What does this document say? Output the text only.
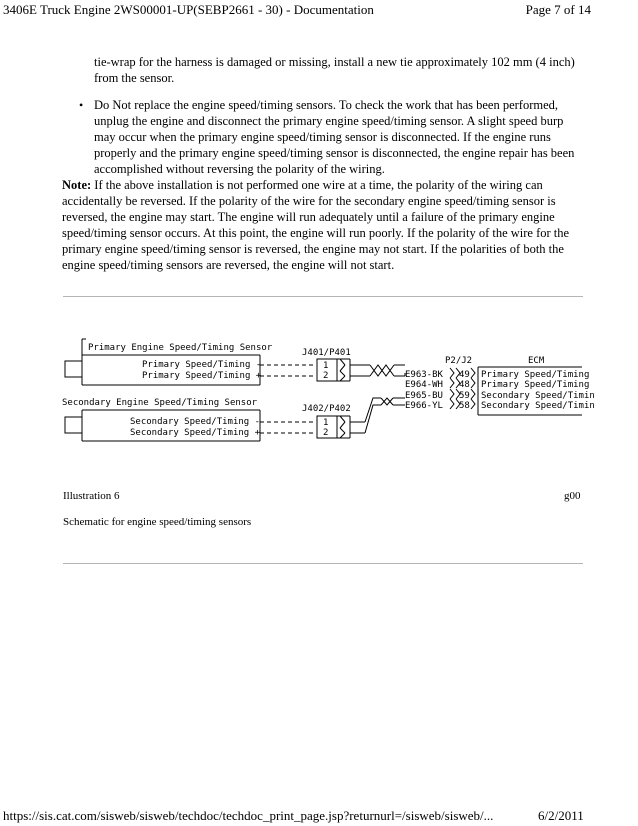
3406E Truck Engine 2WS00001-UP(SEBP2661 - 30) - Documentation	Page 7 of 14
tie-wrap for the harness is damaged or missing, install a new tie approximately 102 mm (4 inch) from the sensor.
• Do Not replace the engine speed/timing sensors. To check the work that has been performed, unplug the engine and disconnect the primary engine speed/timing sensor. A slight speed burp may occur when the primary engine speed/timing sensor is disconnected. If the engine runs properly and the primary engine speed/timing sensor is disconnected, the engine repair has been accomplished without reversing the polarity of the wiring.
Note: If the above installation is not performed one wire at a time, the polarity of the wiring can accidentally be reversed. If the polarity of the wire for the secondary engine speed/timing sensor is reversed, the engine may start. The engine will run adequately until a failure of the primary engine speed/timing sensor occurs. At this point, the engine will run poorly. If the polarity of the wire for the primary engine speed/timing sensor is reversed, the engine may not start. If the polarities of both the engine speed/timing sensors are reversed, the engine will not start.
Primary Engine Speed/Timing Sensor
Primary Speed/Timing -
Primary Speed/Timing +
J401/P401
1
2
Secondary Engine Speed/Timing Sensor
Secondary Speed/Timing -
Secondary Speed/Timing +
J402/P402
1
2
P2/J2
E963-BK
E964-WH
E965-BU
E966-YL
49
48
59
58
ECM
Primary Speed/Timing
Primary Speed/Timing
Secondary Speed/Timin
Secondary Speed/Timin
Illustration 6	g00
Schematic for engine speed/timing sensors
https://sis.cat.com/sisweb/sisweb/techdoc/techdoc_print_page.jsp?returnurl=/sisweb/sisweb/...	6/2/2011
